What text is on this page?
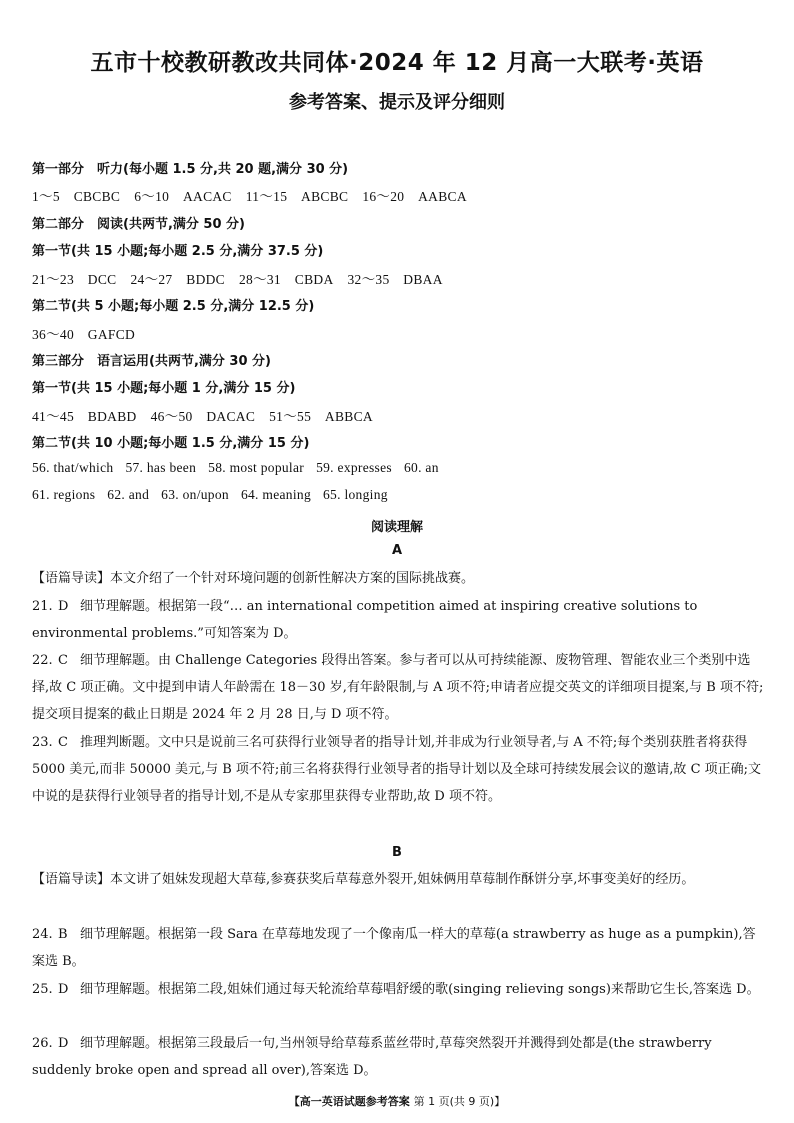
五市十校教研教改共同体·2024 年 12 月高一大联考·英语
参考答案、提示及评分细则
第一部分　听力(每小题 1.5 分,共 20 题,满分 30 分)
1～5　CBCBC 6～10　AACAC 11～15　ABCBC 16～20　AABCA
第二部分　阅读(共两节,满分 50 分)
第一节(共 15 小题;每小题 2.5 分,满分 37.5 分)
21～23　DCC 24～27　BDDC 28～31　CBDA 32～35　DBAA
第二节(共 5 小题;每小题 2.5 分,满分 12.5 分)
36～40　GAFCD
第三部分　语言运用(共两节,满分 30 分)
第一节(共 15 小题;每小题 1 分,满分 15 分)
41～45　BDABD 46～50　DACAC 51～55　ABBCA
第二节(共 10 小题;每小题 1.5 分,满分 15 分)
56. that/which 57. has been 58. most popular 59. expresses 60. an
61. regions 62. and 63. on/upon 64. meaning 65. longing
阅读理解
A
【语篇导读】本文介绍了一个针对环境问题的创新性解决方案的国际挑战赛。
21. D 细节理解题。根据第一段“… an international competition aimed at inspiring creative solutions to environmental problems.”可知答案为 D。
22. C 细节理解题。由 Challenge Categories 段得出答案。参与者可以从可持续能源、废物管理、智能农业三个类别中选择,故 C 项正确。文中提到申请人年龄需在 18－30 岁,有年龄限制,与 A 项不符;申请者应提交英文的详细项目提案,与 B 项不符;提交项目提案的截止日期是 2024 年 2 月 28 日,与 D 项不符。
23. C 推理判断题。文中只是说前三名可获得行业领导者的指导计划,并非成为行业领导者,与 A 不符;每个类别获胜者将获得 5000 美元,而非 50000 美元,与 B 项不符;前三名将获得行业领导者的指导计划以及全球可持续发展会议的邀请,故 C 项正确;文中说的是获得行业领导者的指导计划,不是从专家那里获得专业帮助,故 D 项不符。
B
【语篇导读】本文讲了姐妹发现超大草莓,参赛获奖后草莓意外裂开,姐妹俩用草莓制作酥饼分享,坏事变美好的经历。
24. B 细节理解题。根据第一段 Sara 在草莓地发现了一个像南瓜一样大的草莓(a strawberry as huge as a pumpkin),答案选 B。
25. D 细节理解题。根据第二段,姐妹们通过每天轮流给草莓唱舒缓的歌(singing relieving songs)来帮助它生长,答案选 D。
26. D 细节理解题。根据第三段最后一句,当州领导给草莓系蓝丝带时,草莓突然裂开并溅得到处都是(the strawberry suddenly broke open and spread all over),答案选 D。
【高一英语试题参考答案 第 1 页(共 9 页)】
